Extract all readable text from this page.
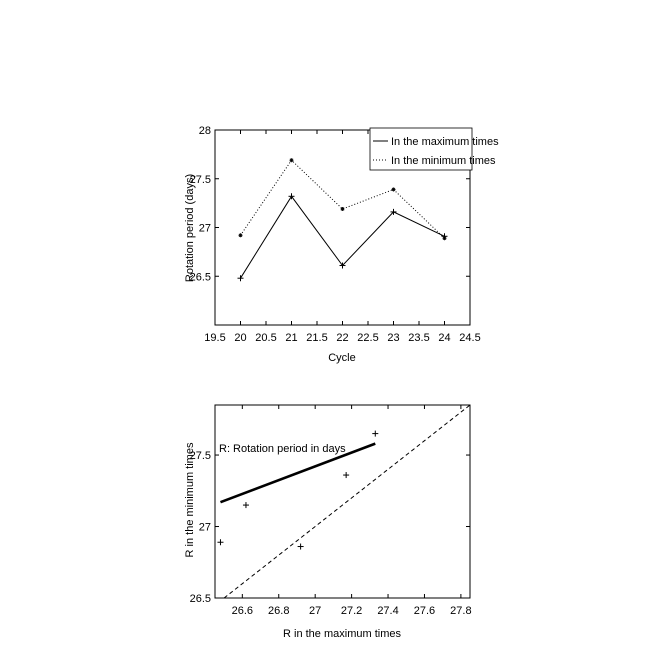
19.5 20 20.5 21 21.5 22 22.5 23 23.5 24 24.5
26.5
27
27.5
28
Cycle
Rotation period (days)
In the maximum times
In the minimum times
26.6 26.8 27 27.2 27.4 27.6 27.8
26.5
27
27.5
R: Rotation period in days
R in the maximum times
R in the minimum times
